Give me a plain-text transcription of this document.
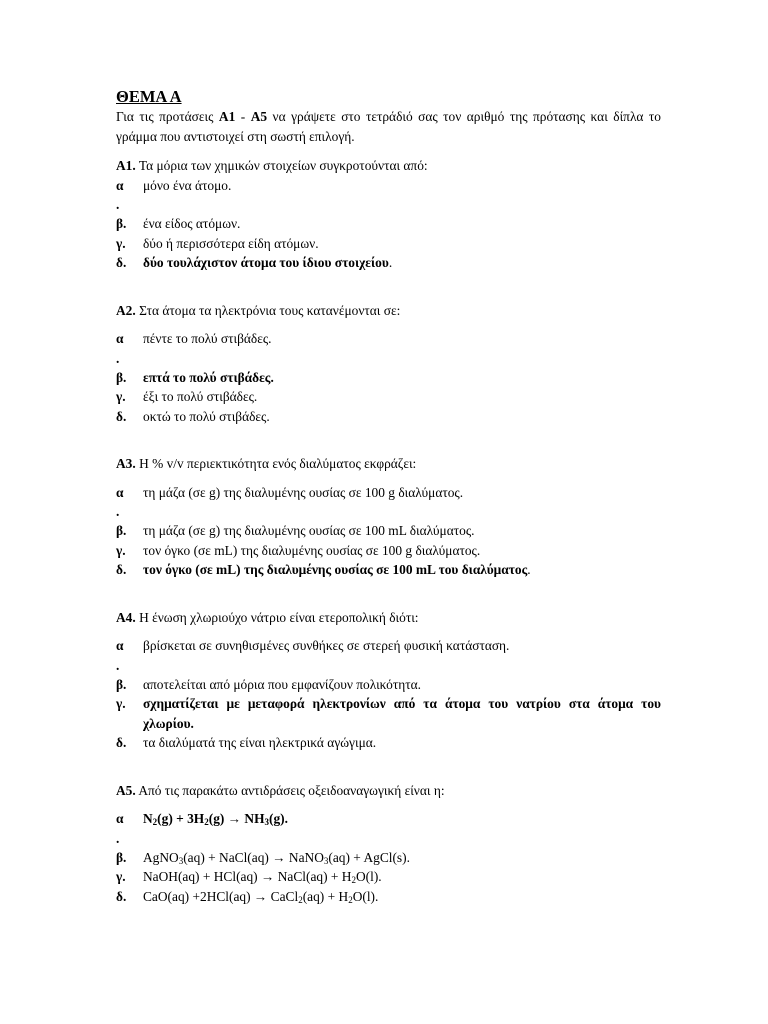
ΘΕΜΑ Α
Για τις προτάσεις Α1 - Α5 να γράψετε στο τετράδιό σας τον αριθμό της πρότασης και δίπλα το γράμμα που αντιστοιχεί στη σωστή επιλογή.
Α1. Τα μόρια των χημικών στοιχείων συγκροτούνται από:
α	μόνο ένα άτομο.
.
β.	ένα είδος ατόμων.
γ.	δύο ή περισσότερα είδη ατόμων.
δ.	δύο τουλάχιστον άτομα του ίδιου στοιχείου.
Α2. Στα άτομα τα ηλεκτρόνια τους κατανέμονται σε:
α	πέντε το πολύ στιβάδες.
.
β.	επτά το πολύ στιβάδες.
γ.	έξι το πολύ στιβάδες.
δ.	οκτώ το πολύ στιβάδες.
Α3. Η % v/v περιεκτικότητα ενός διαλύματος εκφράζει:
α	τη μάζα (σε g) της διαλυμένης ουσίας σε 100 g διαλύματος.
.
β.	τη μάζα (σε g) της διαλυμένης ουσίας σε 100 mL διαλύματος.
γ.	τον όγκο (σε mL) της διαλυμένης ουσίας σε 100 g διαλύματος.
δ.	τον όγκο (σε mL) της διαλυμένης ουσίας σε 100 mL του διαλύματος.
Α4. Η ένωση χλωριούχο νάτριο είναι ετεροπολική διότι:
α	βρίσκεται σε συνηθισμένες συνθήκες σε στερεή φυσική κατάσταση.
.
β.	αποτελείται από μόρια που εμφανίζουν πολικότητα.
γ.	σχηματίζεται με μεταφορά ηλεκτρονίων από τα άτομα του νατρίου στα άτομα του χλωρίου.
δ.	τα διαλύματά της είναι ηλεκτρικά αγώγιμα.
Α5. Από τις παρακάτω αντιδράσεις οξειδοαναγωγική είναι η:
α	$N_2(g) + 3H_2(g) \to NH_3(g)$.
.
β.	AgNO$_3$(aq) + NaCl(aq) → NaNO$_3$(aq) + AgCl(s).
γ.	NaOH(aq) + HCl(aq) → NaCl(aq) + $H_2O(l)$.
δ.	CaO(aq) +2HCl(aq) → CaCl$_2$(aq) + $H_2O(l)$.
